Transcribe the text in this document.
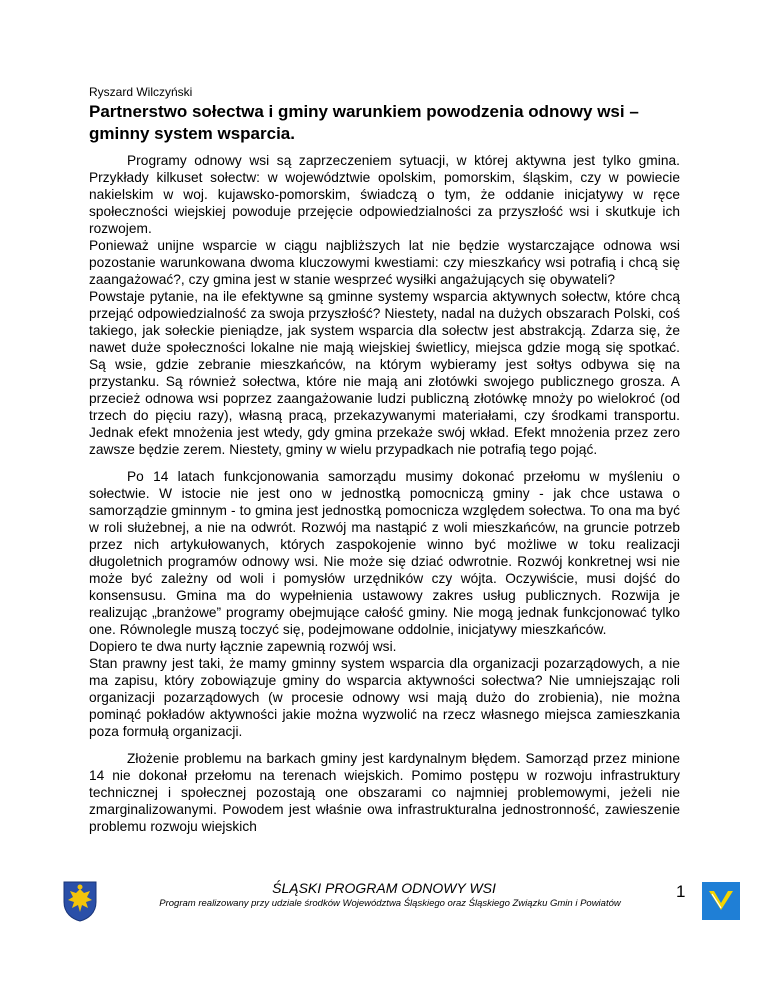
Ryszard Wilczyński

Partnerstwo sołectwa i gminy warunkiem powodzenia odnowy wsi – gminny system wsparcia.
Programy odnowy wsi są zaprzeczeniem sytuacji, w której aktywna jest tylko gmina. Przykłady kilkuset sołectw: w województwie opolskim, pomorskim, śląskim, czy w powiecie nakielskim w woj. kujawsko-pomorskim, świadczą o tym, że oddanie inicjatywy w ręce społeczności wiejskiej powoduje przejęcie odpowiedzialności za przyszłość wsi i skutkuje ich rozwojem.
Ponieważ unijne wsparcie w ciągu najbliższych lat nie będzie wystarczające odnowa wsi pozostanie warunkowana dwoma kluczowymi kwestiami: czy mieszkańcy wsi potrafią i chcą się zaangażować?, czy gmina jest w stanie wesprzeć wysiłki angażujących się obywateli?
Powstaje pytanie, na ile efektywne są gminne systemy wsparcia aktywnych sołectw, które chcą przejąć odpowiedzialność za swoja przyszłość? Niestety, nadal na dużych obszarach Polski, coś takiego, jak sołeckie pieniądze, jak system wsparcia dla sołectw jest abstrakcją. Zdarza się, że nawet duże społeczności lokalne nie mają wiejskiej świetlicy, miejsca gdzie mogą się spotkać. Są wsie, gdzie zebranie mieszkańców, na którym wybieramy jest sołtys odbywa się na przystanku. Są również sołectwa, które nie mają ani złotówki swojego publicznego grosza. A przecież odnowa wsi poprzez zaangażowanie ludzi publiczną złotówkę mnoży po wielokroć (od trzech do pięciu razy), własną pracą, przekazywanymi materiałami, czy środkami transportu. Jednak efekt mnożenia jest wtedy, gdy gmina przekaże swój wkład. Efekt mnożenia przez zero zawsze będzie zerem. Niestety, gminy w wielu przypadkach nie potrafią tego pojąć.
Po 14 latach funkcjonowania samorządu musimy dokonać przełomu w myśleniu o sołectwie. W istocie nie jest ono w jednostką pomocniczą gminy - jak chce ustawa o samorządzie gminnym - to gmina jest jednostką pomocnicza względem sołectwa. To ona ma być w roli służebnej, a nie na odwrót. Rozwój ma nastąpić z woli mieszkańców, na gruncie potrzeb przez nich artykułowanych, których zaspokojenie winno być możliwe w toku realizacji długoletnich programów odnowy wsi. Nie może się dziać odwrotnie. Rozwój konkretnej wsi nie może być zależny od woli i pomysłów urzędników czy wójta. Oczywiście, musi dojść do konsensusu. Gmina ma do wypełnienia ustawowy zakres usług publicznych. Rozwija je realizując „branżowe” programy obejmujące całość gminy. Nie mogą jednak funkcjonować tylko one. Równolegle muszą toczyć się, podejmowane oddolnie, inicjatywy mieszkańców.
Dopiero te dwa nurty łącznie zapewnią rozwój wsi.
Stan prawny jest taki, że mamy gminny system wsparcia dla organizacji pozarządowych, a nie ma zapisu, który zobowiązuje gminy do wsparcia aktywności sołectwa? Nie umniejszając roli organizacji pozarządowych (w procesie odnowy wsi mają dużo do zrobienia), nie można pominąć pokładów aktywności jakie można wyzwolić na rzecz własnego miejsca zamieszkania poza formułą organizacji.
Złożenie problemu na barkach gminy jest kardynalnym błędem. Samorząd przez minione 14 nie dokonał przełomu na terenach wiejskich. Pomimo postępu w rozwoju infrastruktury technicznej i społecznej pozostają one obszarami co najmniej problemowymi, jeżeli nie zmarginalizowanymi. Powodem jest właśnie owa infrastrukturalna jednostronność, zawieszenie problemu rozwoju wiejskich

ŚLĄSKI PROGRAM ODNOWY WSI

Program realizowany przy udziale środków Województwa Śląskiego oraz Śląskiego Związku Gmin i Powiatów

1
